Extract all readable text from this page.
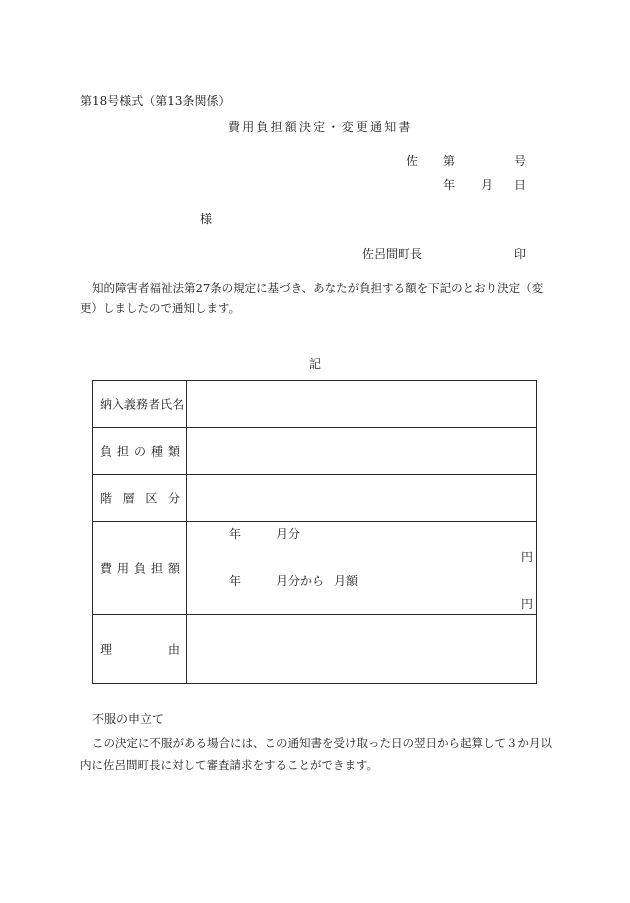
第18号様式（第13条関係）
費用負担額決定・変更通知書
佐 第	号
年 月 日
様
佐呂間町長	印
知的障害者福祉法第27条の規定に基づき、あなたが負担する額を下記のとおり決定（変更）しましたので通知します。
記
納 入 義 務 者 氏 名
負 担 の 種 類
階 層 区 分
費 用 負 担 額
年	月分
円
年	月分から 月額
円
理	由
不服の申立て
この決定に不服がある場合には、この通知書を受け取った日の翌日から起算して３か月以内に佐呂間町長に対して審査請求をすることができます。
